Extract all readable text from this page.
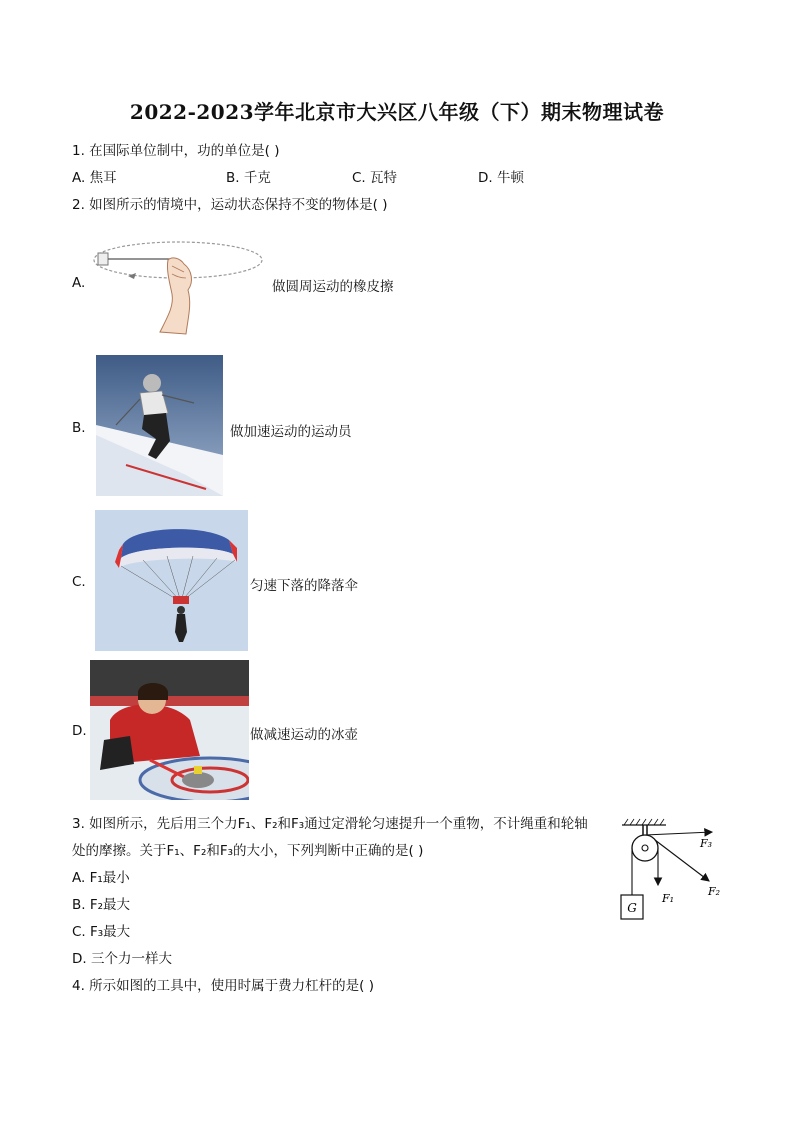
2022-2023学年北京市大兴区八年级（下）期末物理试卷
1. 在国际单位制中，功的单位是( )
A. 焦耳	B. 千克	C. 瓦特	D. 牛顿
2. 如图所示的情境中，运动状态保持不变的物体是( )
A.	做圆周运动的橡皮擦
B.	做加速运动的运动员
C.	匀速下落的降落伞
D.	做减速运动的冰壶
3. 如图所示，先后用三个力F₁、F₂和F₃通过定滑轮匀速提升一个重物，不计绳重和轮轴
处的摩擦。关于F₁、F₂和F₃的大小，下列判断中正确的是( )
A. F₁最小
B. F₂最大
C. F₃最大
D. 三个力一样大
G
F₁
F₂
F₃
4. 所示如图的工具中，使用时属于费力杠杆的是( )
